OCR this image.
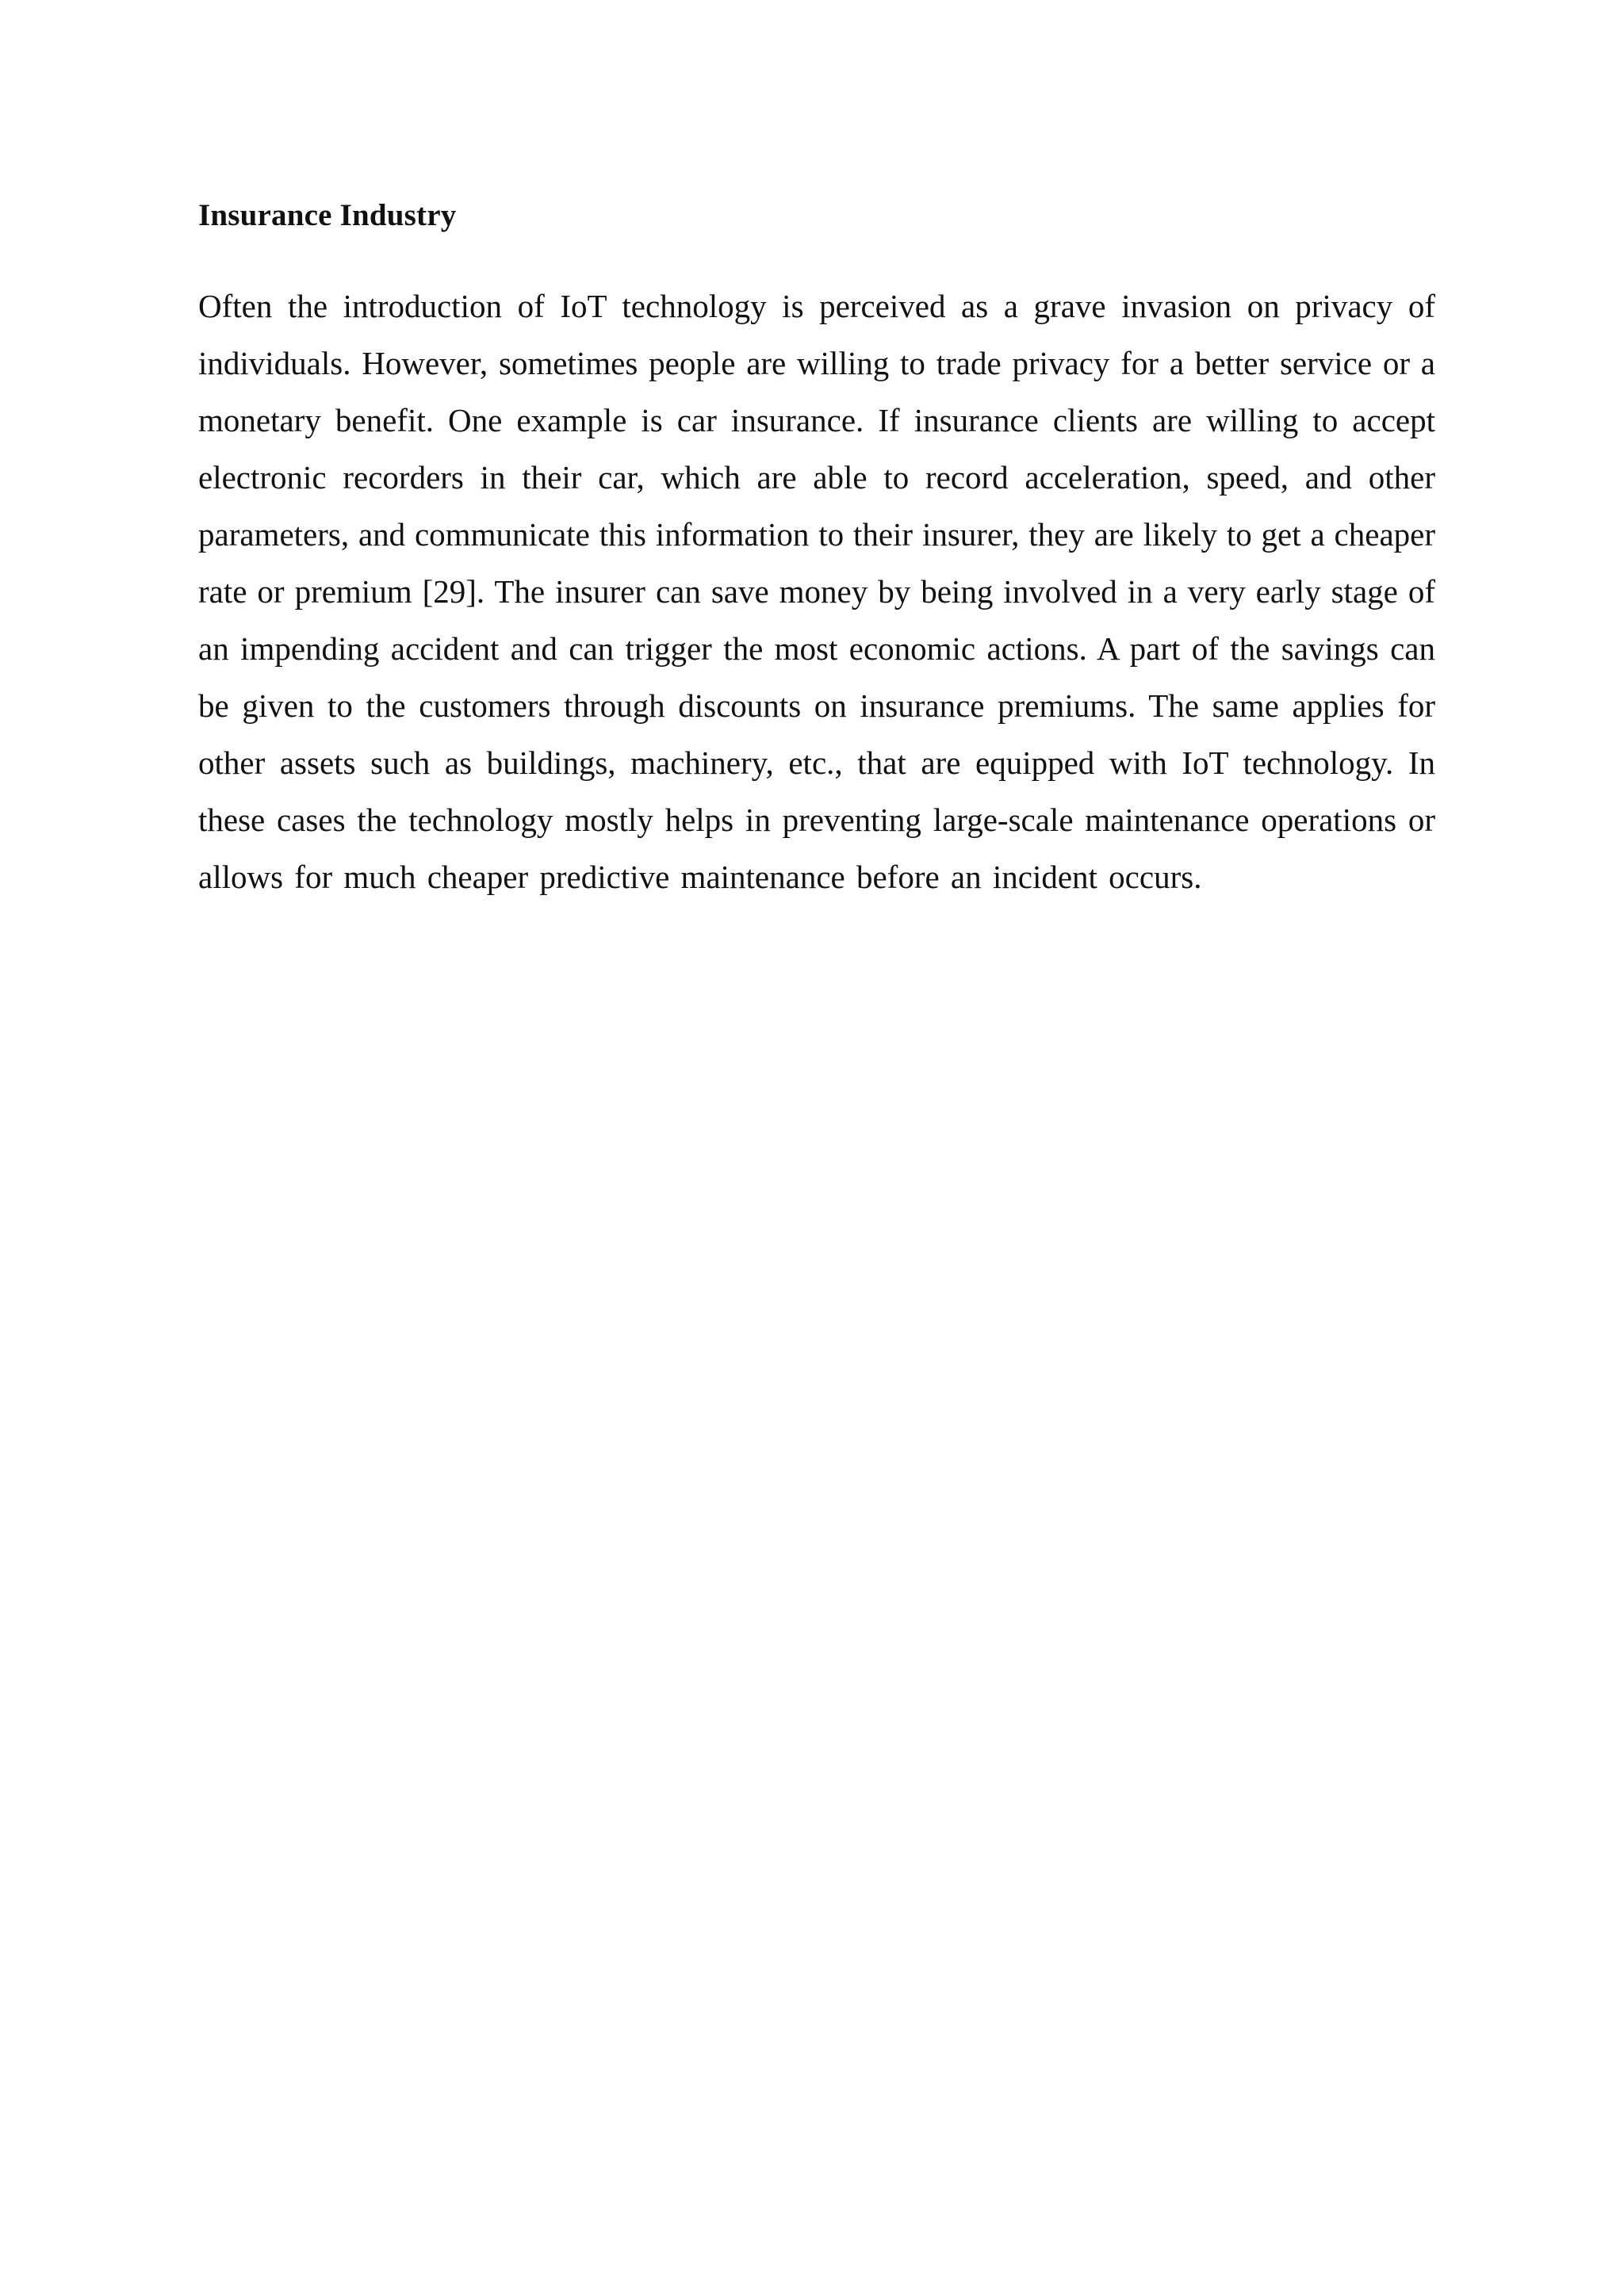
Insurance Industry

Often the introduction of IoT technology is perceived as a grave invasion on privacy of
individuals. However, sometimes people are willing to trade privacy for a better service or a
monetary benefit. One example is car insurance. If insurance clients are willing to accept
electronic recorders in their car, which are able to record acceleration, speed, and other
parameters, and communicate this information to their insurer, they are likely to get a cheaper
rate or premium [29]. The insurer can save money by being involved in a very early stage of
an impending accident and can trigger the most economic actions. A part of the savings can
be given to the customers through discounts on insurance premiums. The same applies for
other assets such as buildings, machinery, etc., that are equipped with IoT technology. In
these cases the technology mostly helps in preventing large-scale maintenance operations or
allows for much cheaper predictive maintenance before an incident occurs.
